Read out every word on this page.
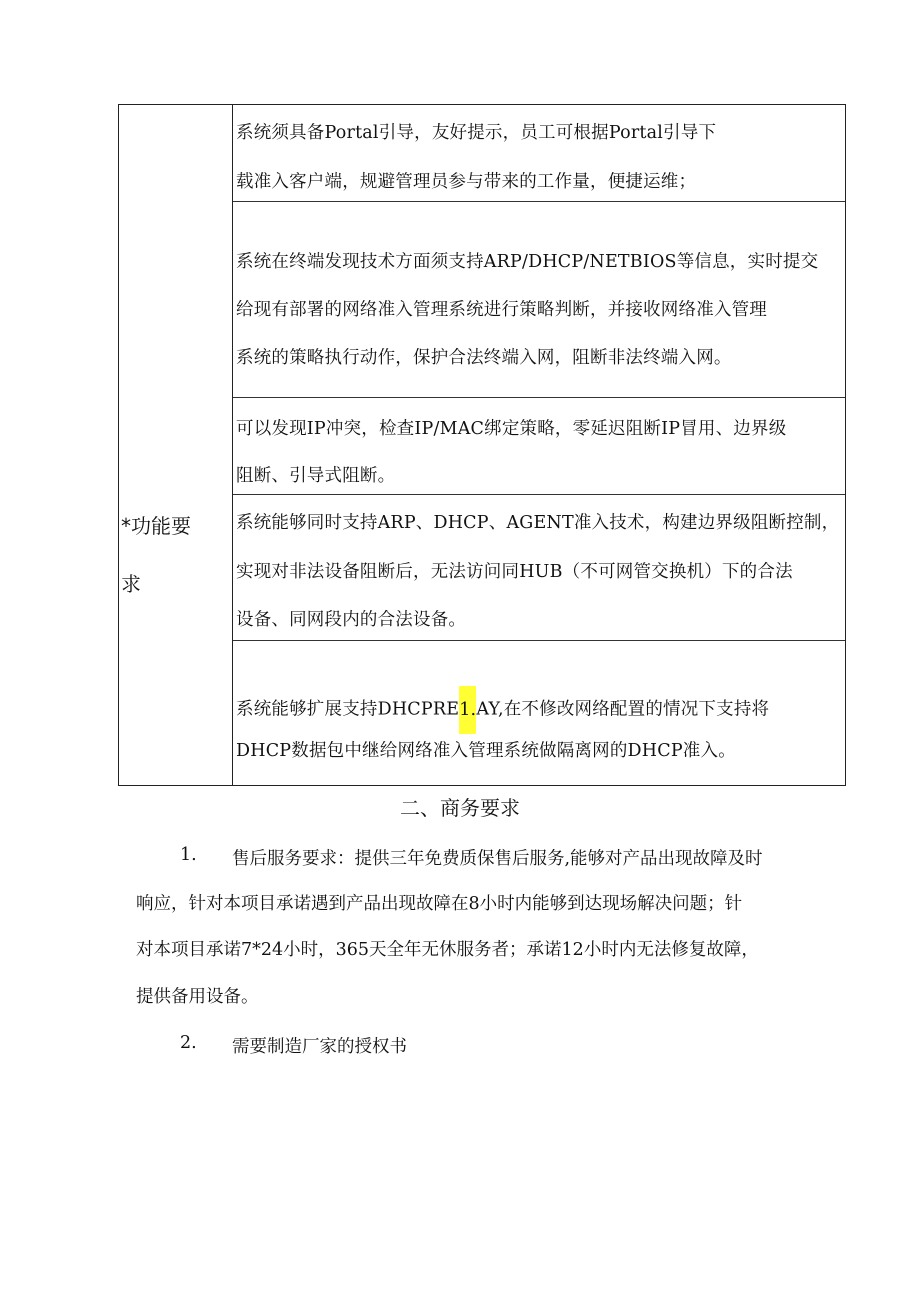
*功能要
求

系统须具备Portal引导，友好提示，员工可根据Portal引导下

载准入客户端，规避管理员参与带来的工作量，便捷运维；

系统在终端发现技术方面须支持ARP/DHCP/NETBIOS等信息，实时提交

给现有部署的网络准入管理系统进行策略判断，并接收网络准入管理

系统的策略执行动作，保护合法终端入网，阻断非法终端入网。

可以发现IP冲突，检查IP/MAC绑定策略，零延迟阻断IP冒用、边界级

阻断、引导式阻断。

系统能够同时支持ARP、DHCP、AGENT准入技术，构建边界级阻断控制，

实现对非法设备阻断后，无法访问同HUB（不可网管交换机）下的合法

设备、同网段内的合法设备。

系统能够扩展支持DHCPRE1.AY,在不修改网络配置的情况下支持将

DHCP数据包中继给网络准入管理系统做隔离网的DHCP准入。

二、商务要求

1. 售后服务要求：提供三年免费质保售后服务,能够对产品出现故障及时

响应，针对本项目承诺遇到产品出现故障在8小时内能够到达现场解决问题；针

对本项目承诺7*24小时，365天全年无休服务者；承诺12小时内无法修复故障，

提供备用设备。

2. 需要制造厂家的授权书
